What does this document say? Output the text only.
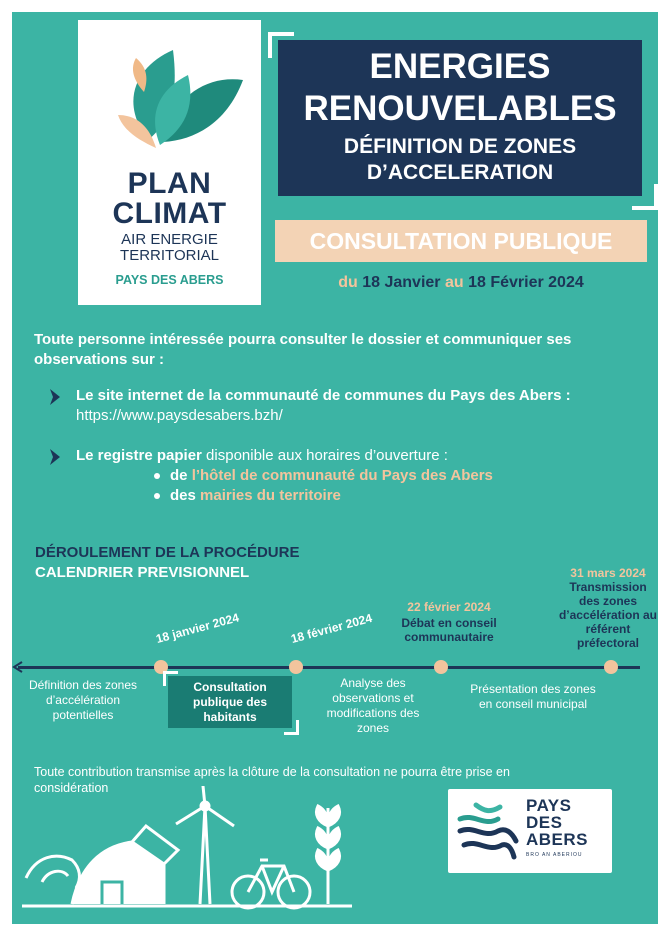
PLAN
CLIMAT
AIR ENERGIE
TERRITORIAL
PAYS DES ABERS
ENERGIES
RENOUVELABLES
DÉFINITION DE ZONES
D’ACCELERATION
CONSULTATION PUBLIQUE
du 18 Janvier au 18 Février 2024
Toute personne intéressée pourra consulter le dossier et communiquer ses observations sur :
Le site internet de la communauté de communes du Pays des Abers : https://www.paysdesabers.bzh/
Le registre papier disponible aux horaires d’ouverture :
de l’hôtel de communauté du Pays des Abers
des mairies du territoire
DÉROULEMENT DE LA PROCÉDURE
CALENDRIER PREVISIONNEL
18 janvier 2024	18 février 2024
22 février 2024
Débat en conseil communautaire
31 mars 2024
Transmission des zones d’accélération au référent préfectoral
Définition des zones d’accélération potentielles
Consultation publique des habitants
Analyse des observations et modifications des zones
Présentation des zones en conseil municipal
Toute contribution transmise après la clôture de la consultation ne pourra être prise en considération
PAYS
DES
ABERS
BRO AN ABERIOU
